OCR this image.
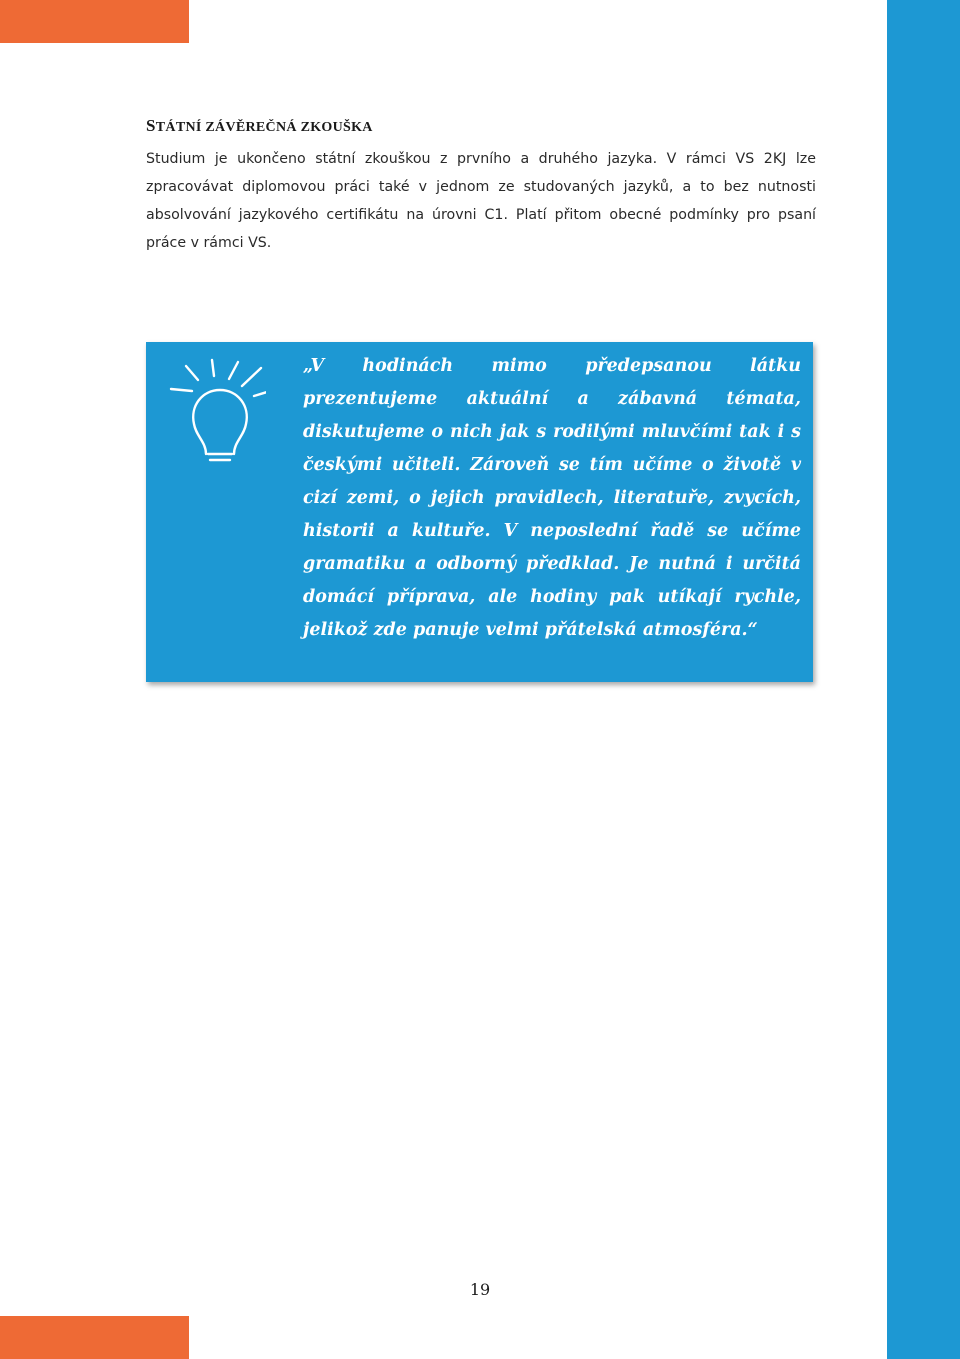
STÁTNÍ ZÁVĚREČNÁ ZKOUŠKA

Studium je ukončeno státní zkouškou z prvního a druhého jazyka. V rámci VS 2KJ lze zpracovávat diplomovou práci také v jednom ze studovaných jazyků, a to bez nutnosti absolvování jazykového certifikátu na úrovni C1. Platí přitom obecné podmínky pro psaní práce v rámci VS.

„V hodinách mimo předepsanou látku prezentujeme aktuální a zábavná témata, diskutujeme o nich jak s rodilými mluvčími tak i s českými učiteli. Zároveň se tím učíme o životě v cizí zemi, o jejich pravidlech, literatuře, zvycích, historii a kultuře. V neposlední řadě se učíme gramatiku a odborný předklad. Je nutná i určitá domácí příprava, ale hodiny pak utíkají rychle, jelikož zde panuje velmi přátelská atmosféra.“

19
